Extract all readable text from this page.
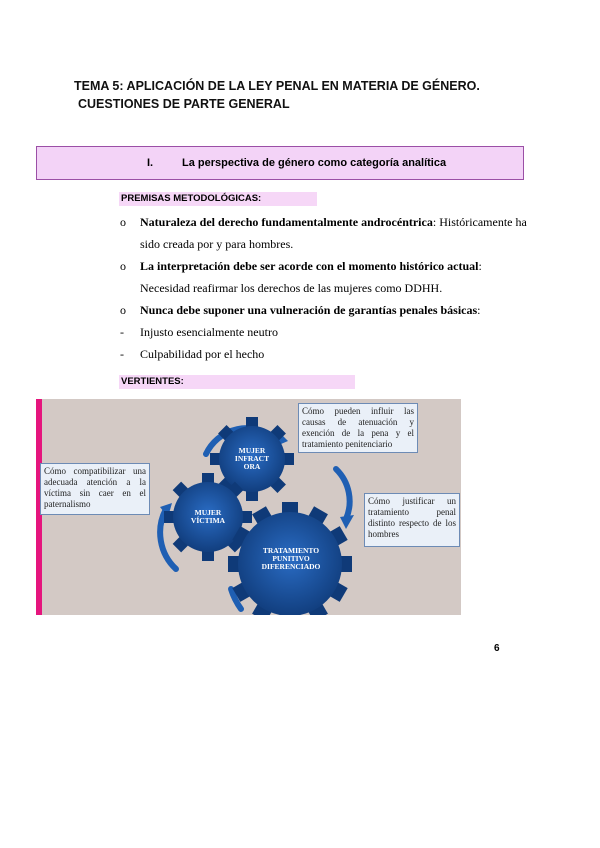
TEMA 5: APLICACIÓN DE LA LEY PENAL EN MATERIA DE GÉNERO.
CUESTIONES DE PARTE GENERAL
I.	La perspectiva de género como categoría analítica
PREMISAS METODOLÓGICAS:
o Naturaleza del derecho fundamentalmente androcéntrica: Históricamente ha
sido creada por y para hombres.
o La interpretación debe ser acorde con el momento histórico actual:
Necesidad reafirmar los derechos de las mujeres como DDHH.
o Nunca debe suponer una vulneración de garantías penales básicas:
- Injusto esencialmente neutro
- Culpabilidad por el hecho
VERTIENTES:
MUJER INFRACT ORA
MUJER VÍCTIMA
TRATAMIENTO PUNITIVO DIFERENCIADO
Cómo pueden influir las causas de atenuación y exención de la pena y el tratamiento penitenciario
Cómo compatibilizar una adecuada atención a la víctima sin caer en el paternalismo	Cómo justificar un tratamiento penal distinto respecto de los hombres
6
